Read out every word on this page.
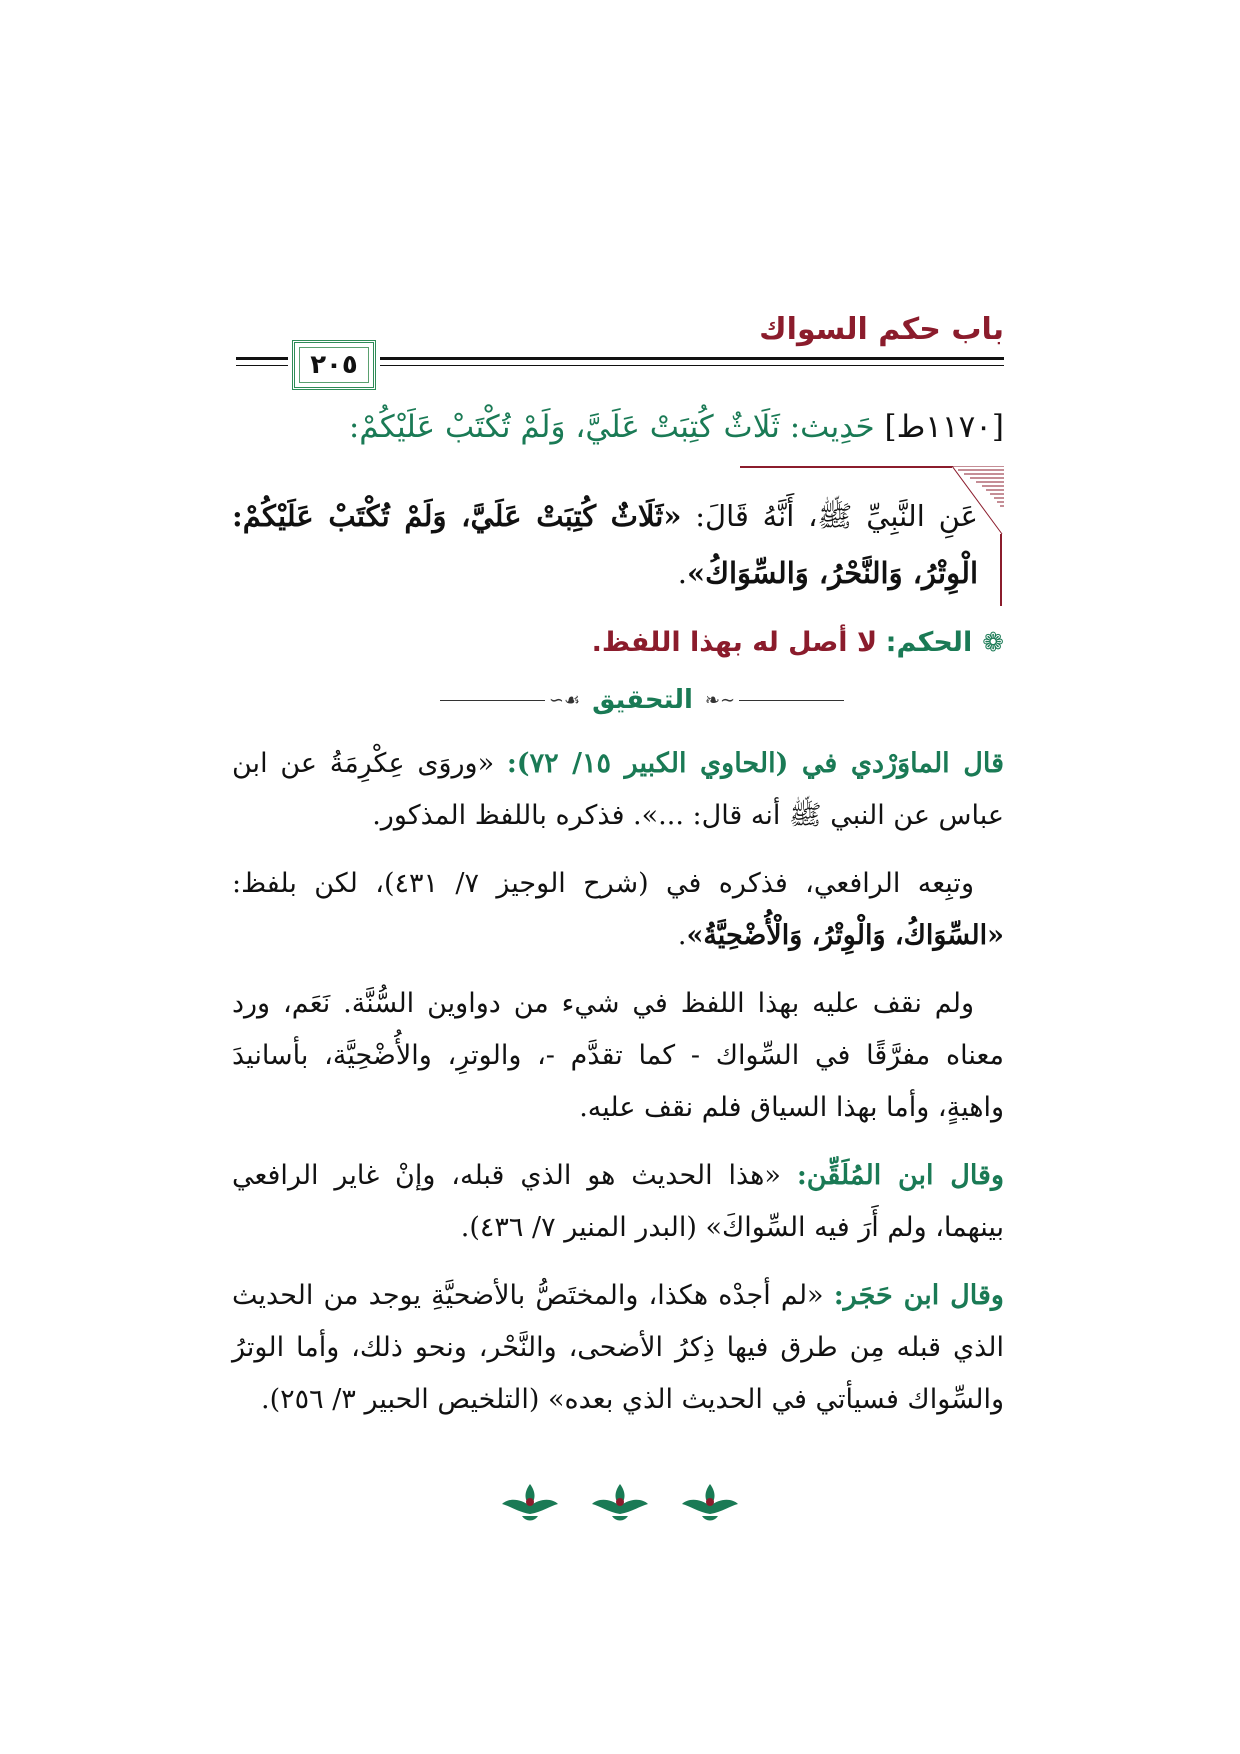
باب حكم السواك
٢٠٥
[١١٧٠ط] حَدِيث: ثَلَاثٌ كُتِبَتْ عَلَيَّ، وَلَمْ تُكْتَبْ عَلَيْكُمْ:
عَنِ النَّبِيِّ ﷺ، أَنَّهُ قَالَ: «ثَلَاثٌ كُتِبَتْ عَلَيَّ، وَلَمْ تُكْتَبْ عَلَيْكُمْ: الْوِتْرُ، وَالنَّحْرُ، وَالسِّوَاكُ».
❁الحكم: لا أصل له بهذا اللفظ.
∽❧
التحقيق
☙∼
قال الماوَرْدي في (الحاوي الكبير ١٥/ ٧٢): «وروَى عِكْرِمَةُ عن ابن عباس عن النبي ﷺ أنه قال: ...». فذكره باللفظ المذكور.
وتبِعه الرافعي، فذكره في (شرح الوجيز ٧/ ٤٣١)، لكن بلفظ: «السِّوَاكُ، وَالْوِتْرُ، وَالْأُضْحِيَّةُ».
ولم نقف عليه بهذا اللفظ في شيء من دواوين السُّنَّة. نَعَم، ورد معناه مفرَّقًا في السِّواك - كما تقدَّم -، والوترِ، والأُضْحِيَّة، بأسانيدَ واهيةٍ، وأما بهذا السياق فلم نقف عليه.
وقال ابن المُلَقِّن: «هذا الحديث هو الذي قبله، وإنْ غاير الرافعي بينهما، ولم أَرَ فيه السِّواكَ» (البدر المنير ٧/ ٤٣٦).
وقال ابن حَجَر: «لم أجدْه هكذا، والمختَصُّ بالأضحيَّةِ يوجد من الحديث الذي قبله مِن طرق فيها ذِكرُ الأضحى، والنَّحْر، ونحو ذلك، وأما الوترُ والسِّواك فسيأتي في الحديث الذي بعده» (التلخيص الحبير ٣/ ٢٥٦).
